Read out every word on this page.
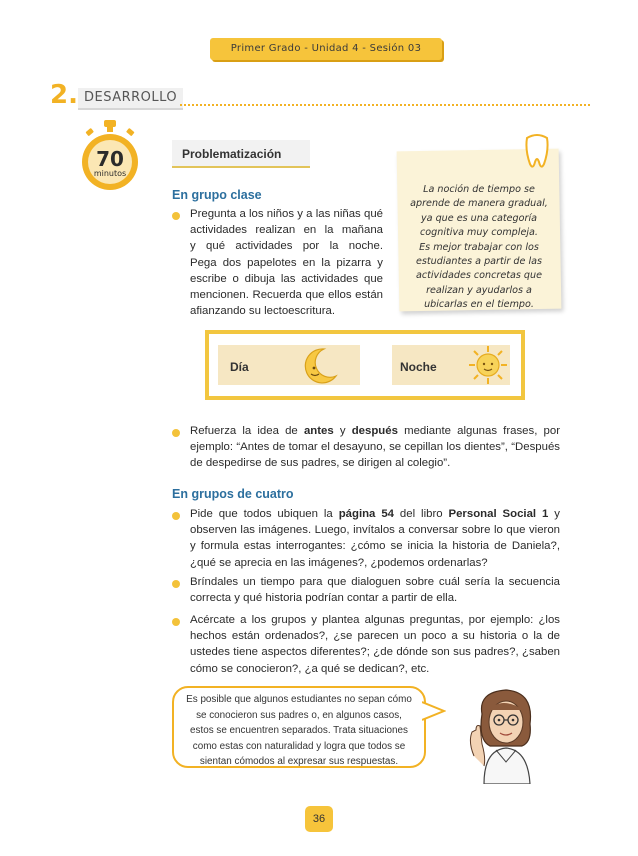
Primer Grado - Unidad 4 - Sesión 03
2. DESARROLLO
70
minutos
Problematización
En grupo clase
Pregunta a los niños y a las niñas qué
actividades realizan en la mañana
y qué actividades por la noche.
Pega dos papelotes en la pizarra y
escribe o dibuja las actividades que
mencionen. Recuerda que ellos están
afianzando su lectoescritura.
La noción de tiempo se
aprende de manera gradual,
ya que es una categoría
cognitiva muy compleja.
Es mejor trabajar con los
estudiantes a partir de las
actividades concretas que
realizan y ayudarlos a
ubicarlas en el tiempo.
Día	Noche
Refuerza la idea de antes y después mediante algunas frases, por
ejemplo: “Antes de tomar el desayuno, se cepillan los dientes”, “Después
de despedirse de sus padres, se dirigen al colegio”.
En grupos de cuatro
Pide que todos ubiquen la página 54 del libro Personal Social 1 y
observen las imágenes. Luego, invítalos a conversar sobre lo que vieron
y formula estas interrogantes: ¿cómo se inicia la historia de Daniela?,
¿qué se aprecia en las imágenes?, ¿podemos ordenarlas?
Bríndales un tiempo para que dialoguen sobre cuál sería la secuencia
correcta y qué historia podrían contar a partir de ella.
Acércate a los grupos y plantea algunas preguntas, por ejemplo: ¿los
hechos están ordenados?, ¿se parecen un poco a su historia o la de
ustedes tiene aspectos diferentes?; ¿de dónde son sus padres?, ¿saben
cómo se conocieron?, ¿a qué se dedican?, etc.
Es posible que algunos estudiantes no sepan cómo
se conocieron sus padres o, en algunos casos,
estos se encuentren separados. Trata situaciones
como estas con naturalidad y logra que todos se
sientan cómodos al expresar sus respuestas.
36
